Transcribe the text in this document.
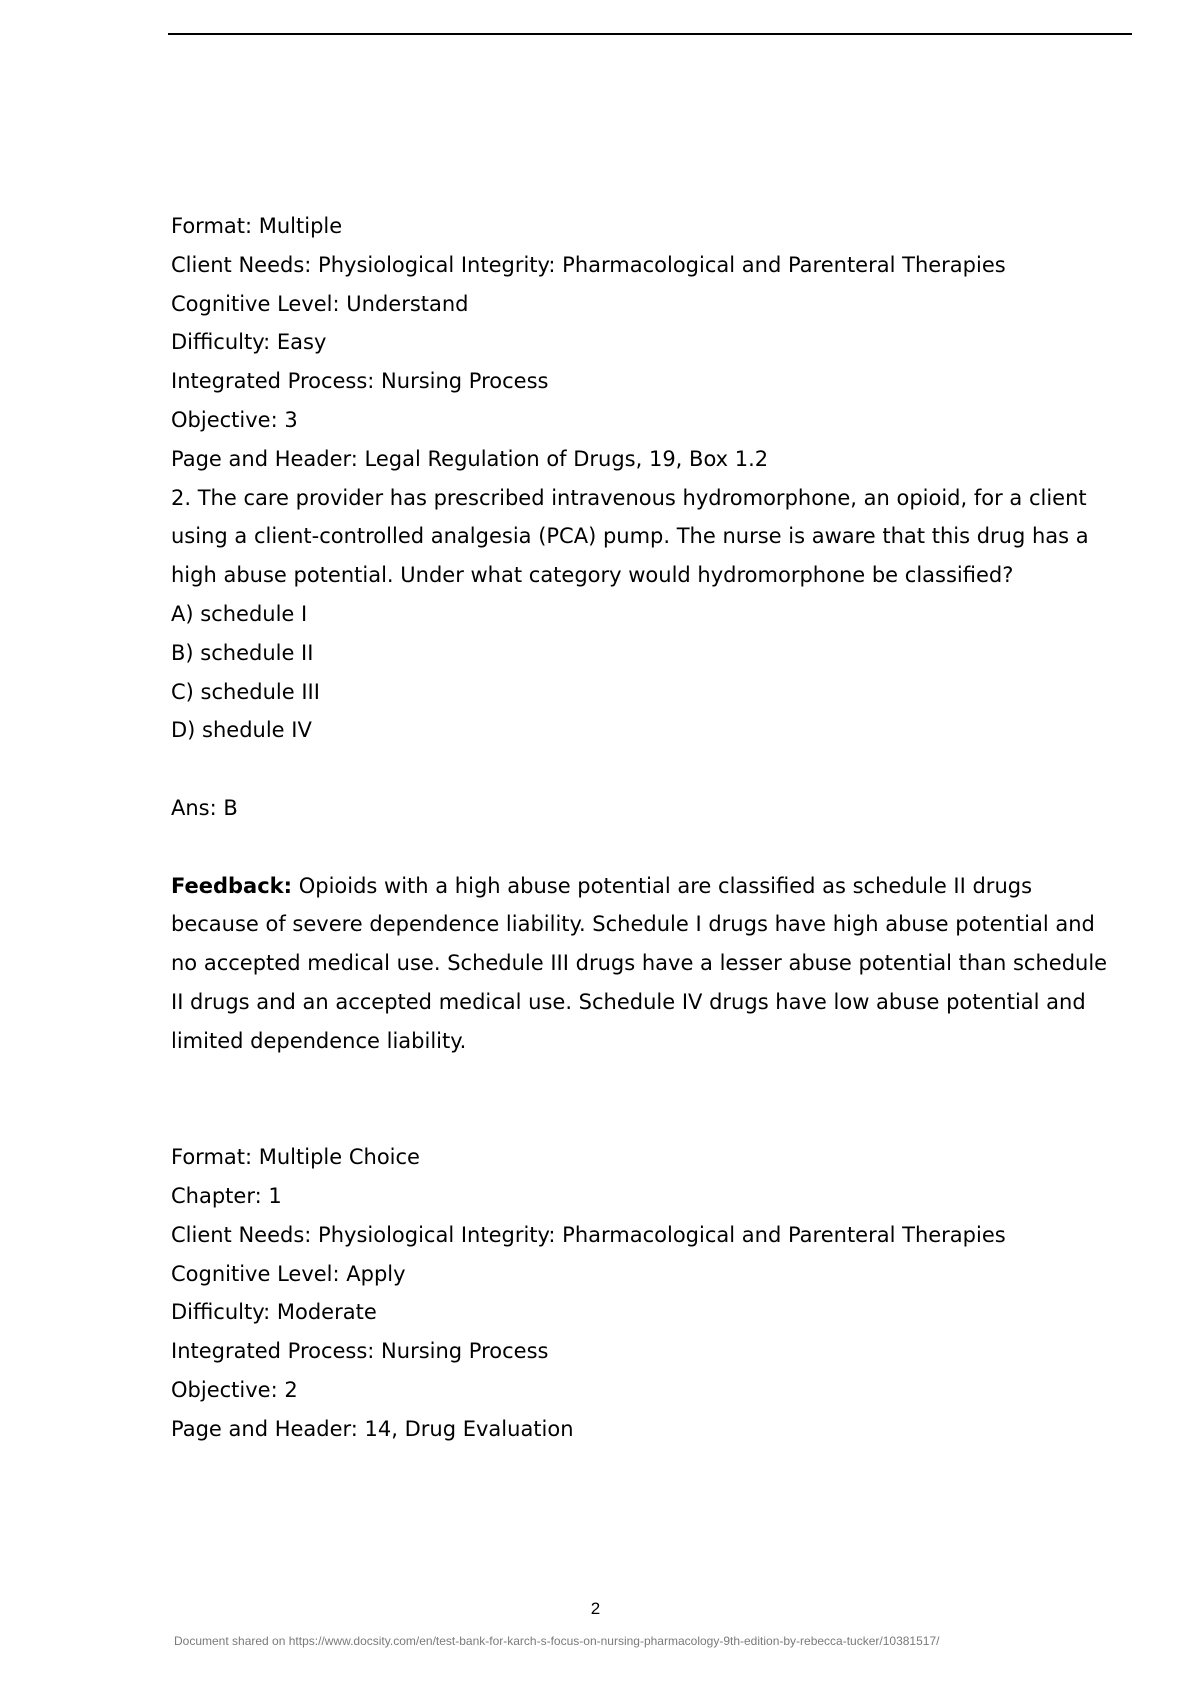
Format: Multiple

Client Needs: Physiological Integrity: Pharmacological and Parenteral Therapies

Cognitive Level: Understand

Difficulty: Easy

Integrated Process: Nursing Process

Objective: 3

Page and Header: Legal Regulation of Drugs, 19, Box 1.2

2. The care provider has prescribed intravenous hydromorphone, an opioid, for a client

using a client-controlled analgesia (PCA) pump. The nurse is aware that this drug has a

high abuse potential. Under what category would hydromorphone be classified?

A) schedule I

B) schedule II

C) schedule III

D) shedule IV

Ans: B

Feedback: Opioids with a high abuse potential are classified as schedule II drugs

because of severe dependence liability. Schedule I drugs have high abuse potential and

no accepted medical use. Schedule III drugs have a lesser abuse potential than schedule

II drugs and an accepted medical use. Schedule IV drugs have low abuse potential and

limited dependence liability.

Format: Multiple Choice

Chapter: 1

Client Needs: Physiological Integrity: Pharmacological and Parenteral Therapies

Cognitive Level: Apply

Difficulty: Moderate

Integrated Process: Nursing Process

Objective: 2

Page and Header: 14, Drug Evaluation

2
Document shared on https://www.docsity.com/en/test-bank-for-karch-s-focus-on-nursing-pharmacology-9th-edition-by-rebecca-tucker/10381517/
